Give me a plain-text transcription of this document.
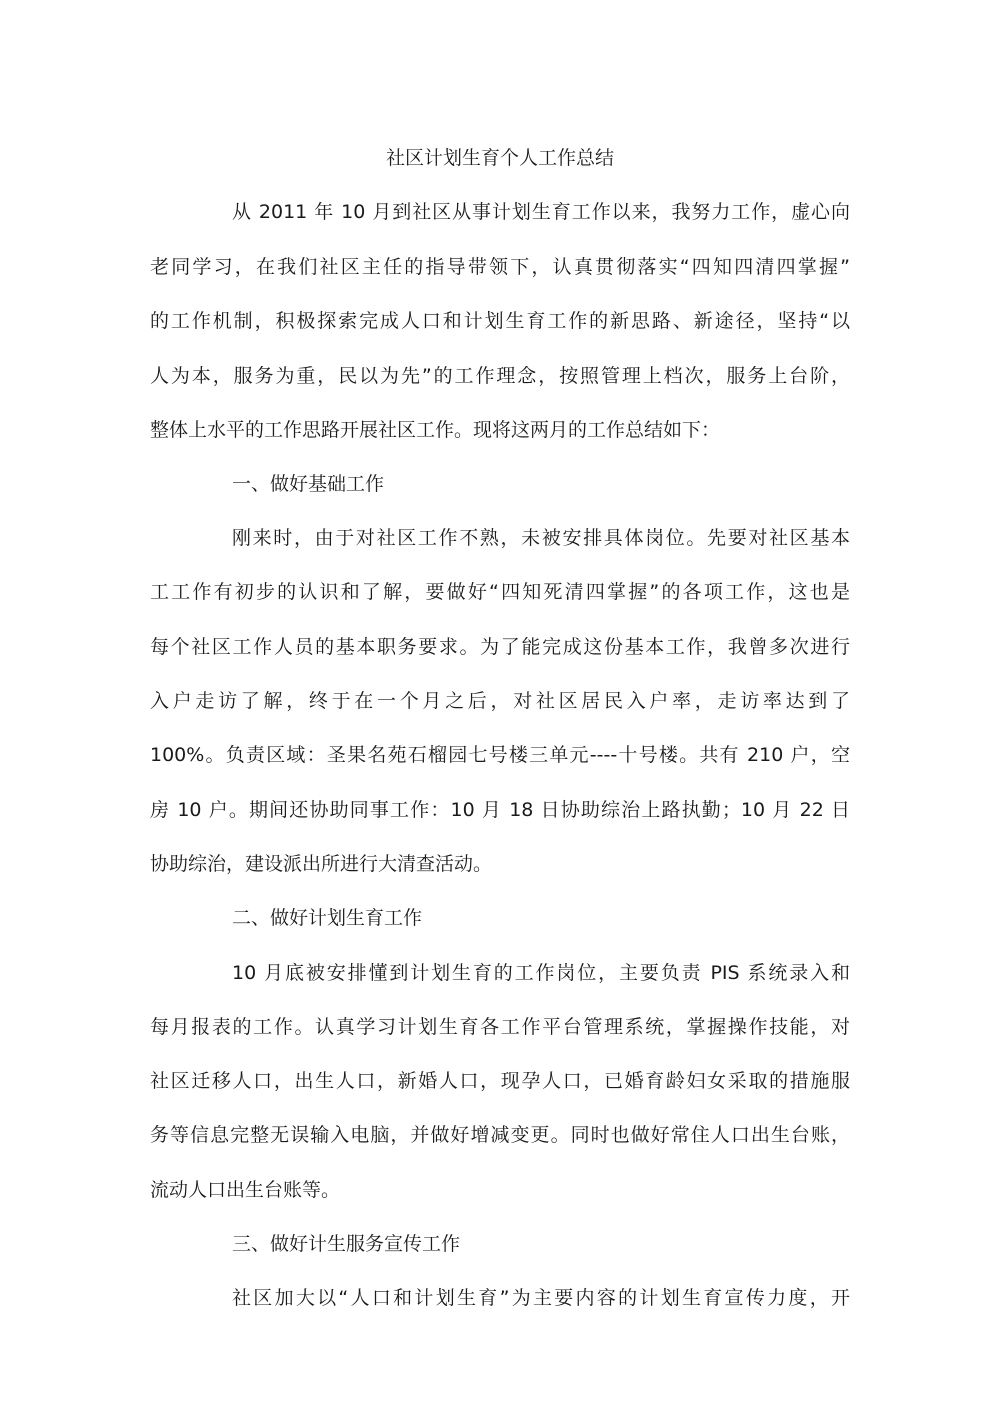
社区计划生育个人工作总结
从 2011 年 10 月到社区从事计划生育工作以来，我努力工作，虚心向
老同学习，在我们社区主任的指导带领下，认真贯彻落实“四知四清四掌握”
的工作机制，积极探索完成人口和计划生育工作的新思路、新途径，坚持“以
人为本，服务为重，民以为先”的工作理念，按照管理上档次，服务上台阶，
整体上水平的工作思路开展社区工作。现将这两月的工作总结如下：
一、做好基础工作
刚来时，由于对社区工作不熟，未被安排具体岗位。先要对社区基本
工工作有初步的认识和了解，要做好“四知死清四掌握”的各项工作，这也是
每个社区工作人员的基本职务要求。为了能完成这份基本工作，我曾多次进行
入户走访了解，终于在一个月之后，对社区居民入户率，走访率达到了
100%。负责区域：圣果名苑石榴园七号楼三单元----十号楼。共有 210 户，空
房 10 户。期间还协助同事工作：10 月 18 日协助综治上路执勤；10 月 22 日
协助综治，建设派出所进行大清查活动。
二、做好计划生育工作
10 月底被安排懂到计划生育的工作岗位，主要负责 PIS 系统录入和
每月报表的工作。认真学习计划生育各工作平台管理系统，掌握操作技能，对
社区迁移人口，出生人口，新婚人口，现孕人口，已婚育龄妇女采取的措施服
务等信息完整无误输入电脑，并做好增减变更。同时也做好常住人口出生台账，
流动人口出生台账等。
三、做好计生服务宣传工作
社区加大以“人口和计划生育”为主要内容的计划生育宣传力度，开
